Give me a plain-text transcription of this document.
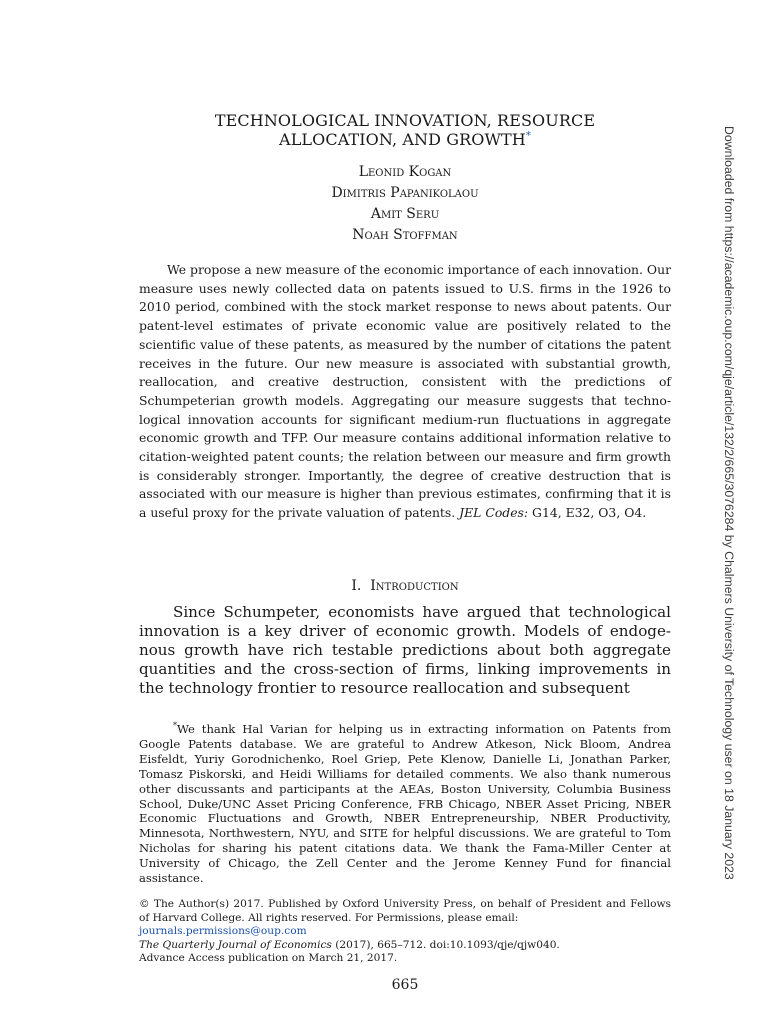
TECHNOLOGICAL INNOVATION, RESOURCE
ALLOCATION, AND GROWTH*
Leonid Kogan
Dimitris Papanikolaou
Amit Seru
Noah Stoffman

We propose a new measure of the economic importance of each innovation. Our measure uses newly collected data on patents issued to U.S. firms in the 1926 to 2010 period, combined with the stock market response to news about patents. Our patent-level estimates of private economic value are positively related to the scientific value of these patents, as measured by the number of citations the patent receives in the future. Our new measure is associated with substantial growth, reallocation, and creative destruction, consistent with the predictions of Schumpeterian growth models. Aggregating our measure suggests that technological innovation accounts for significant medium-run fluctuations in aggregate economic growth and TFP. Our measure contains additional information relative to citation-weighted patent counts; the relation between our measure and firm growth is considerably stronger. Importantly, the degree of creative destruction that is associated with our measure is higher than previous estimates, confirming that it is a useful proxy for the private valuation of patents. JEL Codes: G14, E32, O3, O4.

I. Introduction

Since Schumpeter, economists have argued that technological innovation is a key driver of economic growth. Models of endogenous growth have rich testable predictions about both aggregate quantities and the cross-section of firms, linking improvements in the technology frontier to resource reallocation and subsequent

*We thank Hal Varian for helping us in extracting information on Patents from Google Patents database. We are grateful to Andrew Atkeson, Nick Bloom, Andrea Eisfeldt, Yuriy Gorodnichenko, Roel Griep, Pete Klenow, Danielle Li, Jonathan Parker, Tomasz Piskorski, and Heidi Williams for detailed comments. We also thank numerous other discussants and participants at the AEAs, Boston University, Columbia Business School, Duke/UNC Asset Pricing Conference, FRB Chicago, NBER Asset Pricing, NBER Economic Fluctuations and Growth, NBER Entrepreneurship, NBER Productivity, Minnesota, Northwestern, NYU, and SITE for helpful discussions. We are grateful to Tom Nicholas for sharing his patent citations data. We thank the Fama-Miller Center at University of Chicago, the Zell Center and the Jerome Kenney Fund for financial assistance.

© The Author(s) 2017. Published by Oxford University Press, on behalf of President and Fellows of Harvard College. All rights reserved. For Permissions, please email:
journals.permissions@oup.com
The Quarterly Journal of Economics (2017), 665–712. doi:10.1093/qje/qjw040.
Advance Access publication on March 21, 2017.
665
Downloaded from https://academic.oup.com/qje/article/132/2/665/3076284 by Chalmers University of Technology user on 18 January 2023
